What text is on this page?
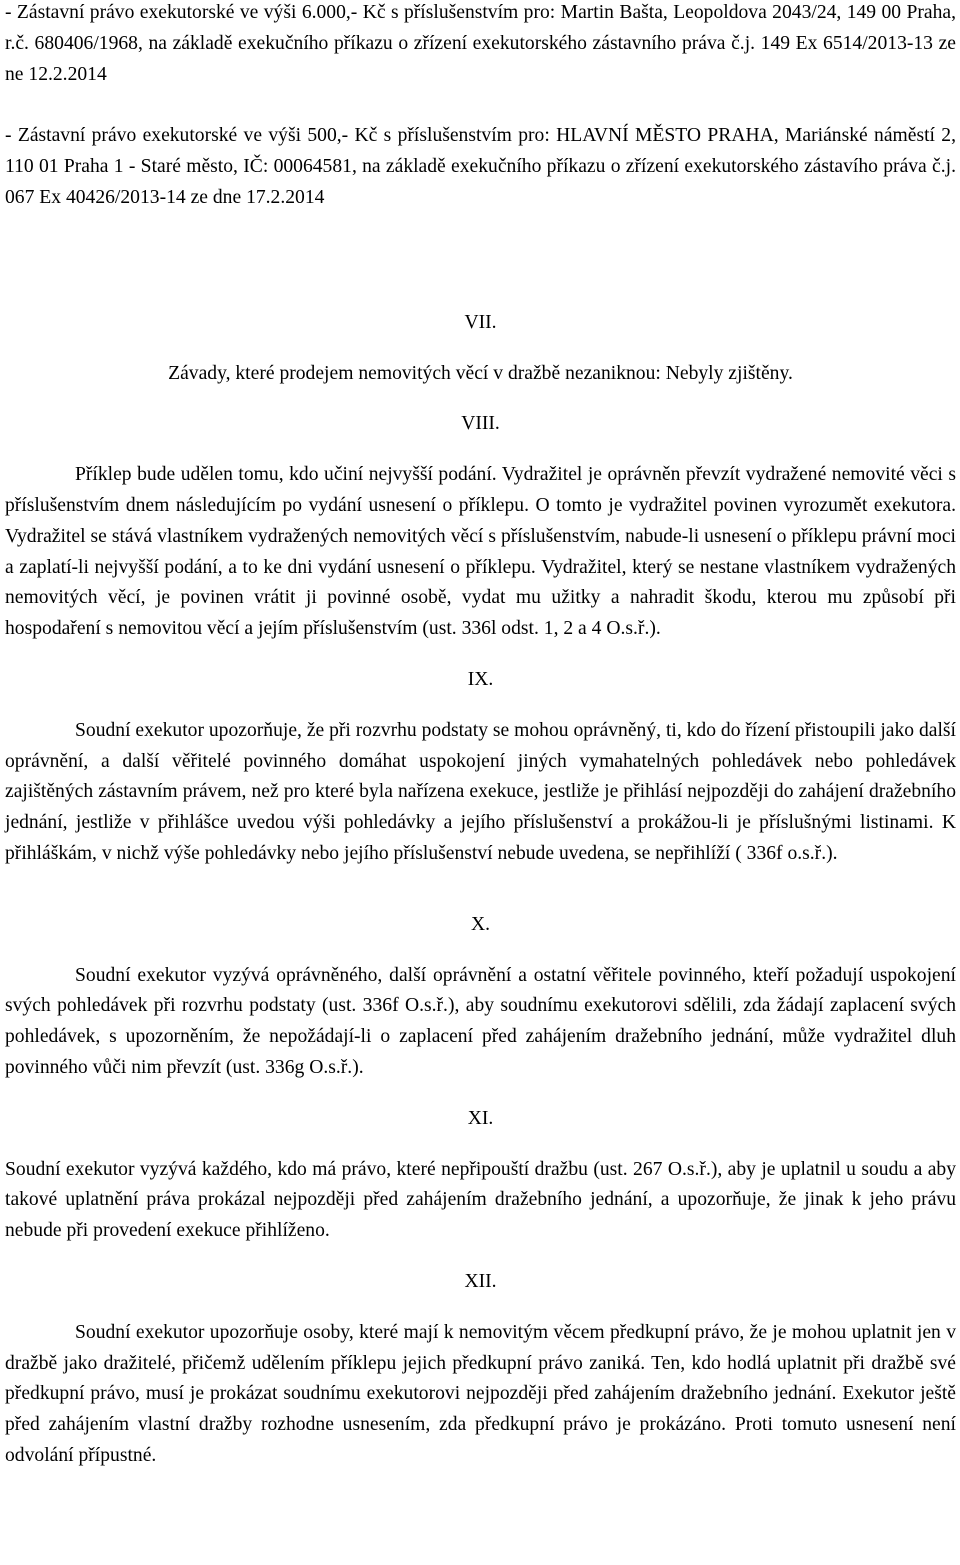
- Zástavní právo exekutorské ve výši 6.000,- Kč s příslušenstvím pro: Martin Bašta, Leopoldova 2043/24, 149 00 Praha, r.č. 680406/1968, na základě exekučního příkazu o zřízení exekutorského zástavního práva č.j. 149 Ex 6514/2013-13 ze ne 12.2.2014

- Zástavní právo exekutorské ve výši 500,- Kč s příslušenstvím pro: HLAVNÍ MĚSTO PRAHA, Mariánské náměstí 2, 110 01 Praha 1 - Staré město, IČ: 00064581, na základě exekučního příkazu o zřízení exekutorského zástavího práva č.j. 067 Ex 40426/2013-14 ze dne 17.2.2014

VII.

Závady, které prodejem nemovitých věcí v dražbě nezaniknou: Nebyly zjištěny.

VIII.

Příklep bude udělen tomu, kdo učiní nejvyšší podání. Vydražitel je oprávněn převzít vydražené nemovité věci s příslušenstvím dnem následujícím po vydání usnesení o příklepu. O tomto je vydražitel povinen vyrozumět exekutora. Vydražitel se stává vlastníkem vydražených nemovitých věcí s příslušenstvím, nabude-li usnesení o příklepu právní moci a zaplatí-li nejvyšší podání, a to ke dni vydání usnesení o příklepu. Vydražitel, který se nestane vlastníkem vydražených nemovitých věcí, je povinen vrátit ji povinné osobě, vydat mu užitky a nahradit škodu, kterou mu způsobí při hospodaření s nemovitou věcí a jejím příslušenstvím (ust. 336l odst. 1, 2 a 4 O.s.ř.).

IX.

Soudní exekutor upozorňuje, že při rozvrhu podstaty se mohou oprávněný, ti, kdo do řízení přistoupili jako další oprávnění, a další věřitelé povinného domáhat uspokojení jiných vymahatelných pohledávek nebo pohledávek zajištěných zástavním právem, než pro které byla nařízena exekuce, jestliže je přihlásí nejpozději do zahájení dražebního jednání, jestliže v přihlášce uvedou výši pohledávky a jejího příslušenství a prokážou-li je příslušnými listinami. K přihláškám, v nichž výše pohledávky nebo jejího příslušenství nebude uvedena, se nepřihlíží ( 336f o.s.ř.).

X.

Soudní exekutor vyzývá oprávněného, další oprávnění a ostatní věřitele povinného, kteří požadují uspokojení svých pohledávek při rozvrhu podstaty (ust. 336f O.s.ř.), aby soudnímu exekutorovi sdělili, zda žádají zaplacení svých pohledávek, s upozorněním, že nepožádají-li o zaplacení před zahájením dražebního jednání, může vydražitel dluh povinného vůči nim převzít (ust. 336g O.s.ř.).

XI.

Soudní exekutor vyzývá každého, kdo má právo, které nepřipouští dražbu (ust. 267 O.s.ř.), aby je uplatnil u soudu a aby takové uplatnění práva prokázal nejpozději před zahájením dražebního jednání, a upozorňuje, že jinak k jeho právu nebude při provedení exekuce přihlíženo.

XII.

Soudní exekutor upozorňuje osoby, které mají k nemovitým věcem předkupní právo, že je mohou uplatnit jen v dražbě jako dražitelé, přičemž udělením příklepu jejich předkupní právo zaniká. Ten, kdo hodlá uplatnit při dražbě své předkupní právo, musí je prokázat soudnímu exekutorovi nejpozději před zahájením dražebního jednání. Exekutor ještě před zahájením vlastní dražby rozhodne usnesením, zda předkupní právo je prokázáno. Proti tomuto usnesení není odvolání přípustné.
